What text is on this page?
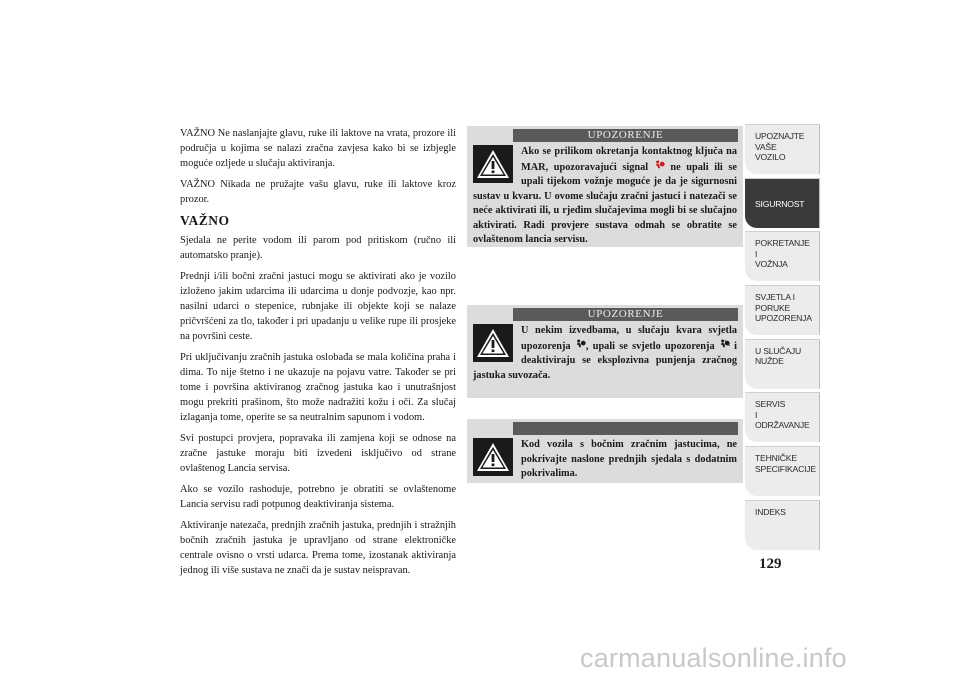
VAŽNO Ne naslanjajte glavu, ruke ili laktove na vrata, prozore ili područja u kojima se nalazi zračna zavjesa kako bi se izbjegle moguće ozljede u slučaju aktiviranja.

VAŽNO Nikada ne pružajte vašu glavu, ruke ili laktove kroz prozor.

VAŽNO

Sjedala ne perite vodom ili parom pod pritiskom (ručno ili automatsko pranje).

Prednji i/ili bočni zračni jastuci mogu se aktivirati ako je vozilo izloženo jakim udarcima ili udarcima u donje podvozje, kao npr. nasilni udarci o stepenice, rubnjake ili objekte koji se nalaze pričvršćeni za tlo, također i pri upadanju u velike rupe ili prosjeke na površini ceste.

Pri uključivanju zračnih jastuka oslobađa se mala količina praha i dima. To nije štetno i ne ukazuje na pojavu vatre. Također se pri tome i površina aktiviranog zračnog jastuka kao i unutrašnjost mogu prekriti prašinom, što može nadražiti kožu i oči. Za slučaj izlaganja tome, operite se sa neutralnim sapunom i vodom.

Svi postupci provjera, popravaka ili zamjena koji se odnose na zračne jastuke moraju biti izvedeni isključivo od strane ovlaštenog Lancia servisa.

Ako se vozilo rashoduje, potrebno je obratiti se ovlaštenome Lancia servisu radi potpunog deaktiviranja sistema.

Aktiviranje natezača, prednjih zračnih jastuka, prednjih i stražnjih bočnih zračnih jastuka je upravljano od strane elektroničke centrale ovisno o vrsti udarca. Prema tome, izostanak aktiviranja jednog ili više sustava ne znači da je sustav neispravan.

UPOZORENJE
Ako se prilikom okretanja kontaktnog ključa na MAR, upozoravajući signal ne upali ili se upali tijekom vožnje moguće je da je sigurnosni sustav u kvaru. U ovome slučaju zračni jastuci i natezači se neće aktivirati ili, u rjeđim slučajevima mogli bi se slučajno aktivirati. Radi provjere sustava odmah se obratite se ovlaštenom lancia servisu.
UPOZORENJE
U nekim izvedbama, u slučaju kvara svjetla upozorenja , upali se svjetlo upozorenja i deaktiviraju se eksplozivna punjenja zračnog jastuka suvozača.
Kod vozila s bočnim zračnim jastucima, ne pokrivajte naslone prednjih sjedala s dodatnim pokrivalima.
UPOZNAJTE
VAŠE
VOZILO
SIGURNOST
POKRETANJE
I
VOŽNJA
SVJETLA I
PORUKE
UPOZORENJA
U SLUČAJU
NUŽDE
SERVIS
I
ODRŽAVANJE
TEHNIČKE
SPECIFIKACIJE
INDEKS
129
carmanualsonline.info
